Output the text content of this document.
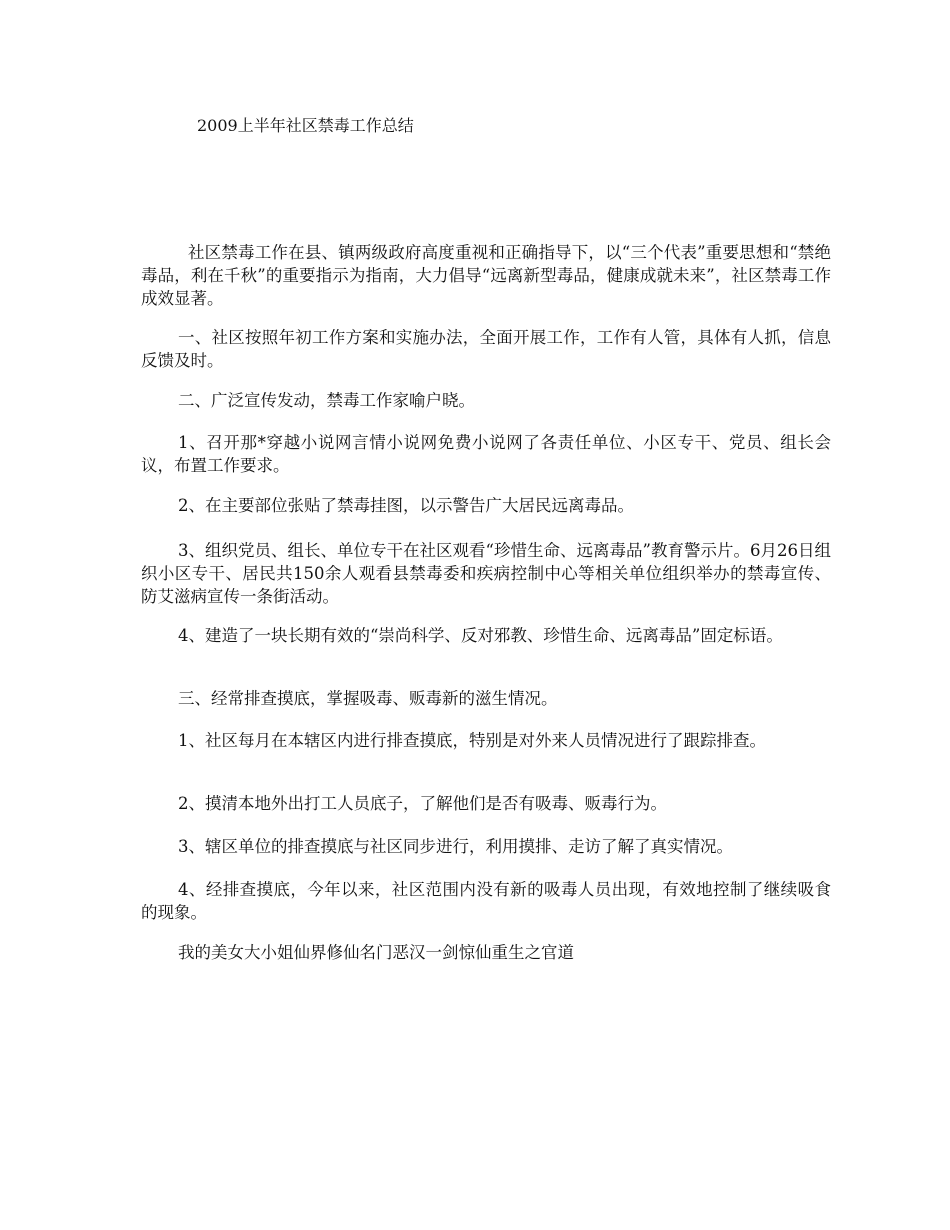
2009上半年社区禁毒工作总结

社区禁毒工作在县、镇两级政府高度重视和正确指导下，以“三个代表”重要思想和“禁绝毒品，利在千秋”的重要指示为指南，大力倡导“远离新型毒品，健康成就未来”，社区禁毒工作成效显著。

一、社区按照年初工作方案和实施办法，全面开展工作，工作有人管，具体有人抓，信息反馈及时。

二、广泛宣传发动，禁毒工作家喻户晓。

1、召开那*穿越小说网言情小说网免费小说网了各责任单位、小区专干、党员、组长会议，布置工作要求。

2、在主要部位张贴了禁毒挂图，以示警告广大居民远离毒品。

3、组织党员、组长、单位专干在社区观看“珍惜生命、远离毒品”教育警示片。6月26日组织小区专干、居民共150余人观看县禁毒委和疾病控制中心等相关单位组织举办的禁毒宣传、防艾滋病宣传一条街活动。

4、建造了一块长期有效的“崇尚科学、反对邪教、珍惜生命、远离毒品”固定标语。

三、经常排查摸底，掌握吸毒、贩毒新的滋生情况。

1、社区每月在本辖区内进行排查摸底，特别是对外来人员情况进行了跟踪排查。

2、摸清本地外出打工人员底子，了解他们是否有吸毒、贩毒行为。

3、辖区单位的排查摸底与社区同步进行，利用摸排、走访了解了真实情况。

4、经排查摸底，今年以来，社区范围内没有新的吸毒人员出现，有效地控制了继续吸食的现象。

我的美女大小姐仙界修仙名门恶汉一剑惊仙重生之官道
